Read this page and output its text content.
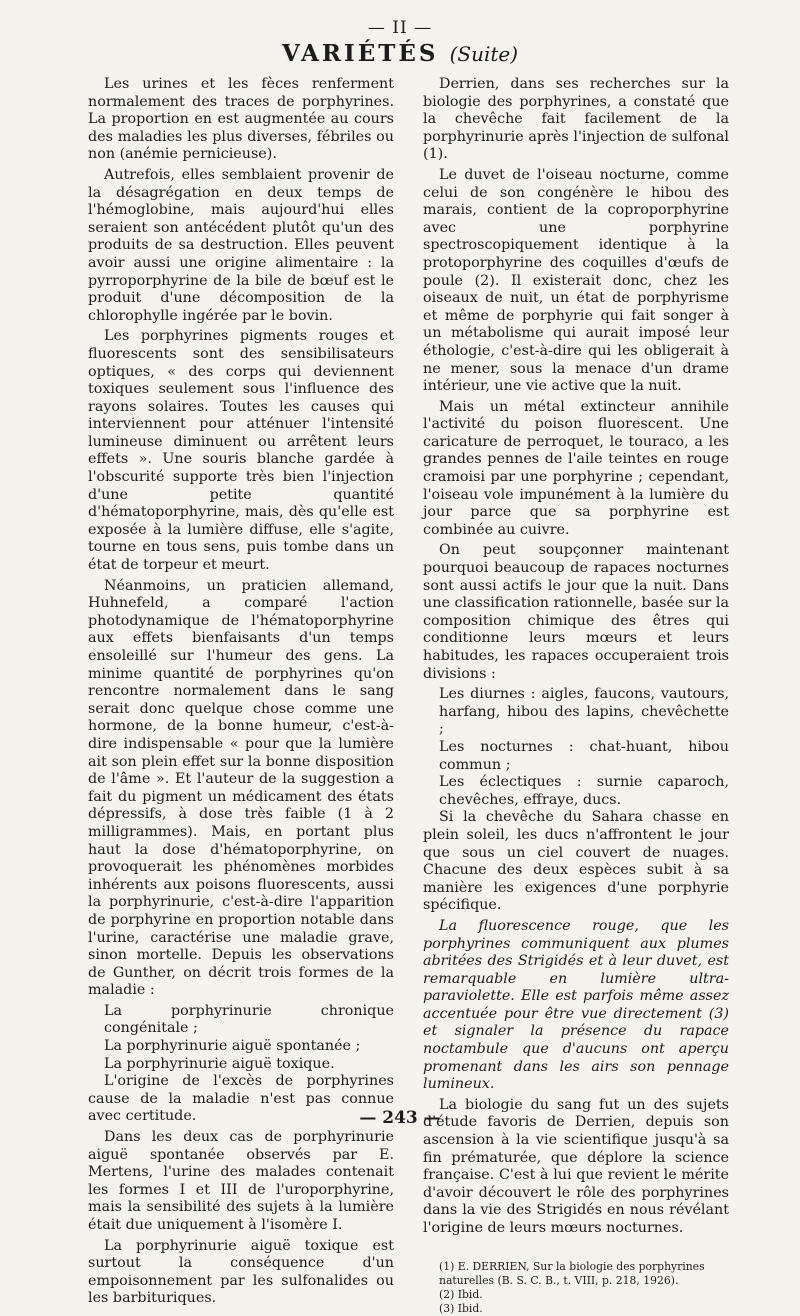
— II —
VARIÉTÉS (Suite)

Les urines et les fèces renferment normalement des traces de porphyrines. La proportion en est augmentée au cours des maladies les plus diverses, fébriles ou non (anémie pernicieuse).

Autrefois, elles semblaient provenir de la désagrégation en deux temps de l'hémoglobine, mais aujourd'hui elles seraient son antécédent plutôt qu'un des produits de sa destruction. Elles peuvent avoir aussi une origine alimentaire : la pyrroporphyrine de la bile de bœuf est le produit d'une décomposition de la chlorophylle ingérée par le bovin.

Les porphyrines pigments rouges et fluorescents sont des sensibilisateurs optiques, « des corps qui deviennent toxiques seulement sous l'influence des rayons solaires. Toutes les causes qui interviennent pour atténuer l'intensité lumineuse diminuent ou arrêtent leurs effets ». Une souris blanche gardée à l'obscurité supporte très bien l'injection d'une petite quantité d'hématoporphyrine, mais, dès qu'elle est exposée à la lumière diffuse, elle s'agite, tourne en tous sens, puis tombe dans un état de torpeur et meurt.

Néanmoins, un praticien allemand, Huhnefeld, a comparé l'action photodynamique de l'hématoporphyrine aux effets bienfaisants d'un temps ensoleillé sur l'humeur des gens. La minime quantité de porphyrines qu'on rencontre normalement dans le sang serait donc quelque chose comme une hormone, de la bonne humeur, c'est-à-dire indispensable « pour que la lumière ait son plein effet sur la bonne disposition de l'âme ». Et l'auteur de la suggestion a fait du pigment un médicament des états dépressifs, à dose très faible (1 à 2 milligrammes). Mais, en portant plus haut la dose d'hématoporphyrine, on provoquerait les phénomènes morbides inhérents aux poisons fluorescents, aussi la porphyrinurie, c'est-à-dire l'apparition de porphyrine en proportion notable dans l'urine, caractérise une maladie grave, sinon mortelle. Depuis les observations de Gunther, on décrit trois formes de la maladie :

La porphyrinurie chronique congénitale ;

La porphyrinurie aiguë spontanée ;

La porphyrinurie aiguë toxique.

L'origine de l'excès de porphyrines cause de la maladie n'est pas connue avec certitude.

Dans les deux cas de porphyrinurie aiguë spontanée observés par E. Mertens, l'urine des malades contenait les formes I et III de l'uroporphyrine, mais la sensibilité des sujets à la lumière était due uniquement à l'isomère I.

La porphyrinurie aiguë toxique est surtout la conséquence d'un empoisonnement par les sulfonalides ou les barbituriques.

Derrien, dans ses recherches sur la biologie des porphyrines, a constaté que la chevêche fait facilement de la porphyrinurie après l'injection de sulfonal (1).

Le duvet de l'oiseau nocturne, comme celui de son congénère le hibou des marais, contient de la coproporphyrine avec une porphyrine spectroscopiquement identique à la protoporphyrine des coquilles d'œufs de poule (2). Il existerait donc, chez les oiseaux de nuit, un état de porphyrisme et même de porphyrie qui fait songer à un métabolisme qui aurait imposé leur éthologie, c'est-à-dire qui les obligerait à ne mener, sous la menace d'un drame intérieur, une vie active que la nuit.

Mais un métal extincteur annihile l'activité du poison fluorescent. Une caricature de perroquet, le touraco, a les grandes pennes de l'aile teintes en rouge cramoisi par une porphyrine ; cependant, l'oiseau vole impunément à la lumière du jour parce que sa porphyrine est combinée au cuivre.

On peut soupçonner maintenant pourquoi beaucoup de rapaces nocturnes sont aussi actifs le jour que la nuit. Dans une classification rationnelle, basée sur la composition chimique des êtres qui conditionne leurs mœurs et leurs habitudes, les rapaces occuperaient trois divisions :

Les diurnes : aigles, faucons, vautours, harfang, hibou des lapins, chevêchette ;

Les nocturnes : chat-huant, hibou commun ;

Les éclectiques : surnie caparoch, chevêches, effraye, ducs.

Si la chevêche du Sahara chasse en plein soleil, les ducs n'affrontent le jour que sous un ciel couvert de nuages. Chacune des deux espèces subit à sa manière les exigences d'une porphyrie spécifique.

La fluorescence rouge, que les porphyrines communiquent aux plumes abritées des Strigidés et à leur duvet, est remarquable en lumière ultra-paraviolette. Elle est parfois même assez accentuée pour être vue directement (3) et signaler la présence du rapace noctambule que d'aucuns ont aperçu promenant dans les airs son pennage lumineux.

La biologie du sang fut un des sujets d'étude favoris de Derrien, depuis son ascension à la vie scientifique jusqu'à sa fin prématurée, que déplore la science française. C'est à lui que revient le mérite d'avoir découvert le rôle des porphyrines dans la vie des Strigidés en nous révélant l'origine de leurs mœurs nocturnes.

(1) E. DERRIEN, Sur la biologie des porphyrines naturelles (B. S. C. B., t. VIII, p. 218, 1926).
(2) Ibid.
(3) Ibid.
— 243 —
